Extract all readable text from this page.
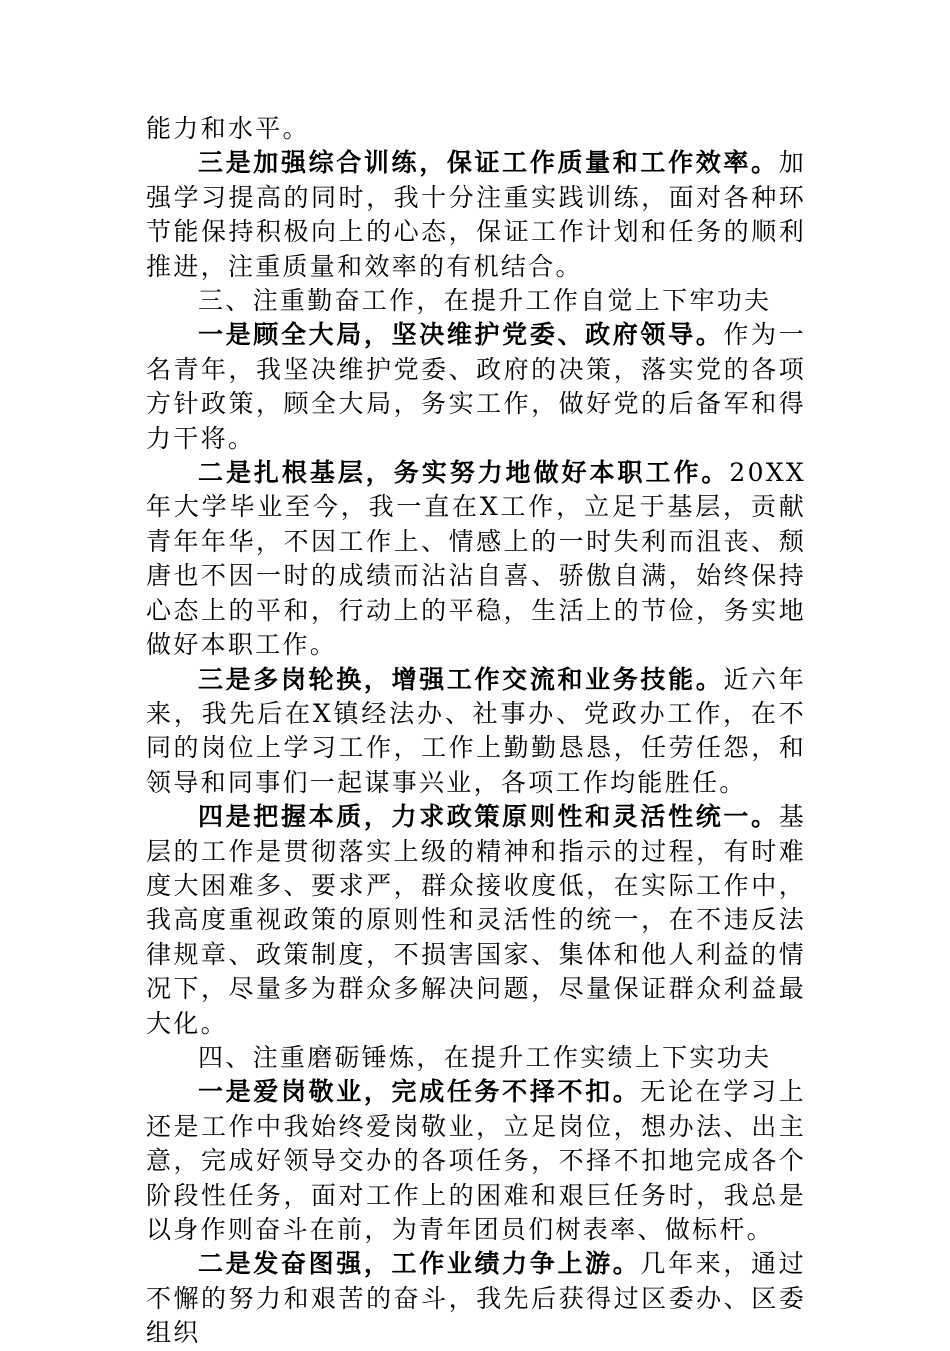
能力和水平。

三是加强综合训练，保证工作质量和工作效率。加强学习提高的同时，我十分注重实践训练，面对各种环节能保持积极向上的心态，保证工作计划和任务的顺利推进，注重质量和效率的有机结合。

三、注重勤奋工作，在提升工作自觉上下牢功夫

一是顾全大局，坚决维护党委、政府领导。作为一名青年，我坚决维护党委、政府的决策，落实党的各项方针政策，顾全大局，务实工作，做好党的后备军和得力干将。

二是扎根基层，务实努力地做好本职工作。20XX年大学毕业至今，我一直在X工作，立足于基层，贡献青年年华，不因工作上、情感上的一时失利而沮丧、颓唐也不因一时的成绩而沾沾自喜、骄傲自满，始终保持心态上的平和，行动上的平稳，生活上的节俭，务实地做好本职工作。

三是多岗轮换，增强工作交流和业务技能。近六年来，我先后在X镇经法办、社事办、党政办工作，在不同的岗位上学习工作，工作上勤勤恳恳，任劳任怨，和领导和同事们一起谋事兴业，各项工作均能胜任。

四是把握本质，力求政策原则性和灵活性统一。基层的工作是贯彻落实上级的精神和指示的过程，有时难度大困难多、要求严，群众接收度低，在实际工作中，我高度重视政策的原则性和灵活性的统一，在不违反法律规章、政策制度，不损害国家、集体和他人利益的情况下，尽量多为群众多解决问题，尽量保证群众利益最大化。

四、注重磨砺锤炼，在提升工作实绩上下实功夫

一是爱岗敬业，完成任务不择不扣。无论在学习上还是工作中我始终爱岗敬业，立足岗位，想办法、出主意，完成好领导交办的各项任务，不择不扣地完成各个阶段性任务，面对工作上的困难和艰巨任务时，我总是以身作则奋斗在前，为青年团员们树表率、做标杆。

二是发奋图强，工作业绩力争上游。几年来，通过不懈的努力和艰苦的奋斗，我先后获得过区委办、区委组织
